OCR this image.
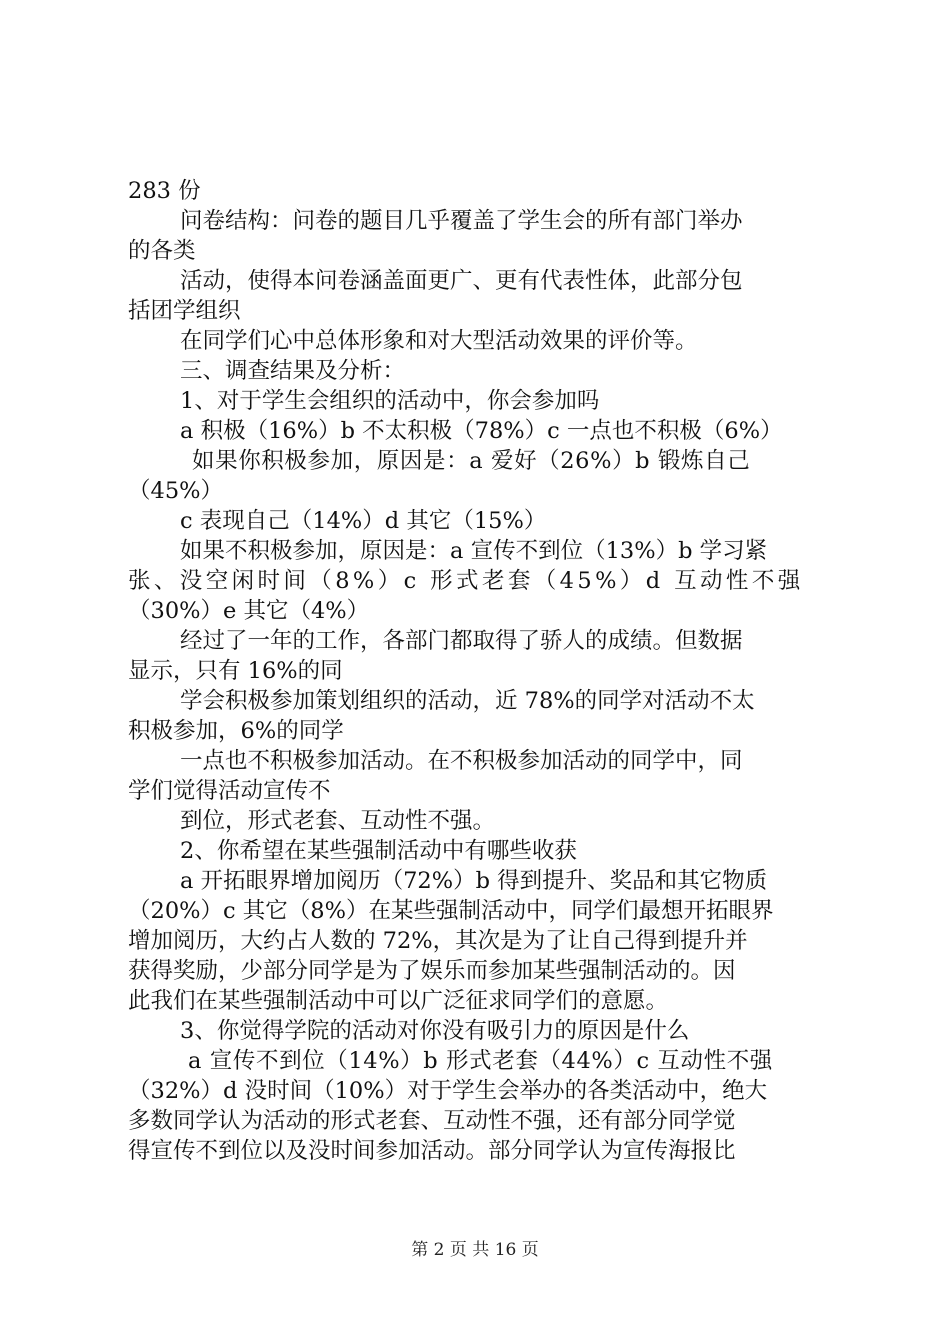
283 份
问卷结构：问卷的题目几乎覆盖了学生会的所有部门举办
的各类
活动，使得本问卷涵盖面更广、更有代表性体，此部分包
括团学组织
在同学们心中总体形象和对大型活动效果的评价等。
三、调查结果及分析：
1、对于学生会组织的活动中，你会参加吗
a 积极（16%）b 不太积极（78%）c 一点也不积极（6%）
如果你积极参加，原因是：a 爱好（26%）b 锻炼自己
（45%）
c 表现自己（14%）d 其它（15%）
如果不积极参加，原因是：a 宣传不到位（13%）b 学习紧
张、没空闲时间（8%）c 形式老套（45%）d 互动性不强
（30%）e 其它（4%）
经过了一年的工作，各部门都取得了骄人的成绩。但数据
显示，只有 16%的同
学会积极参加策划组织的活动，近 78%的同学对活动不太
积极参加，6%的同学
一点也不积极参加活动。在不积极参加活动的同学中，同
学们觉得活动宣传不
到位，形式老套、互动性不强。
2、你希望在某些强制活动中有哪些收获
a 开拓眼界增加阅历（72%）b 得到提升、奖品和其它物质
（20%）c 其它（8%）在某些强制活动中，同学们最想开拓眼界
增加阅历，大约占人数的 72%，其次是为了让自己得到提升并
获得奖励，少部分同学是为了娱乐而参加某些强制活动的。因
此我们在某些强制活动中可以广泛征求同学们的意愿。
3、你觉得学院的活动对你没有吸引力的原因是什么
a 宣传不到位（14%）b 形式老套（44%）c 互动性不强
（32%）d 没时间（10%）对于学生会举办的各类活动中，绝大
多数同学认为活动的形式老套、互动性不强，还有部分同学觉
得宣传不到位以及没时间参加活动。部分同学认为宣传海报比
第 2 页 共 16 页
